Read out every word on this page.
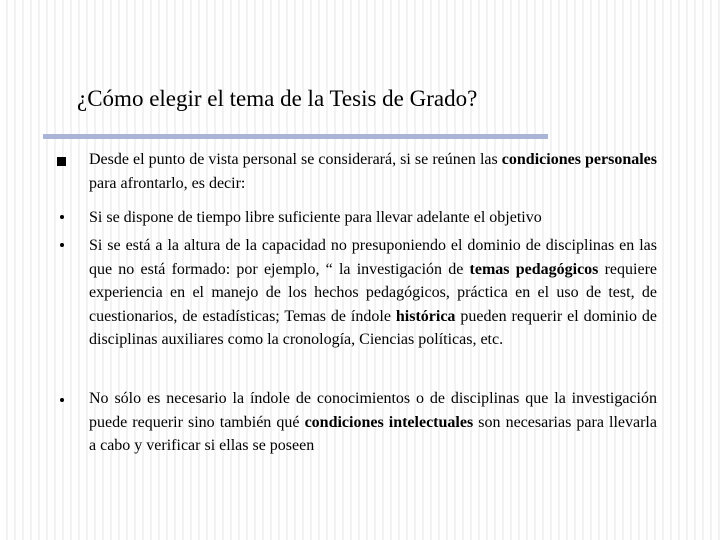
¿Cómo elegir el tema de la Tesis de Grado?
Desde el punto de vista personal se considerará, si se reúnen las condiciones personales para afrontarlo, es decir:
Si se dispone de tiempo libre suficiente para llevar adelante el objetivo
Si se está a la altura de la capacidad no presuponiendo el dominio de disciplinas en las que no está formado: por ejemplo, “ la investigación de temas pedagógicos requiere experiencia en el manejo de los hechos pedagógicos, práctica en el uso de test, de cuestionarios, de estadísticas; Temas de índole histórica pueden requerir el dominio de disciplinas auxiliares como la cronología, Ciencias políticas, etc.
No sólo es necesario la índole de conocimientos o de disciplinas que la investigación puede requerir sino también qué condiciones intelectuales son necesarias para llevarla a cabo y verificar si ellas se poseen
